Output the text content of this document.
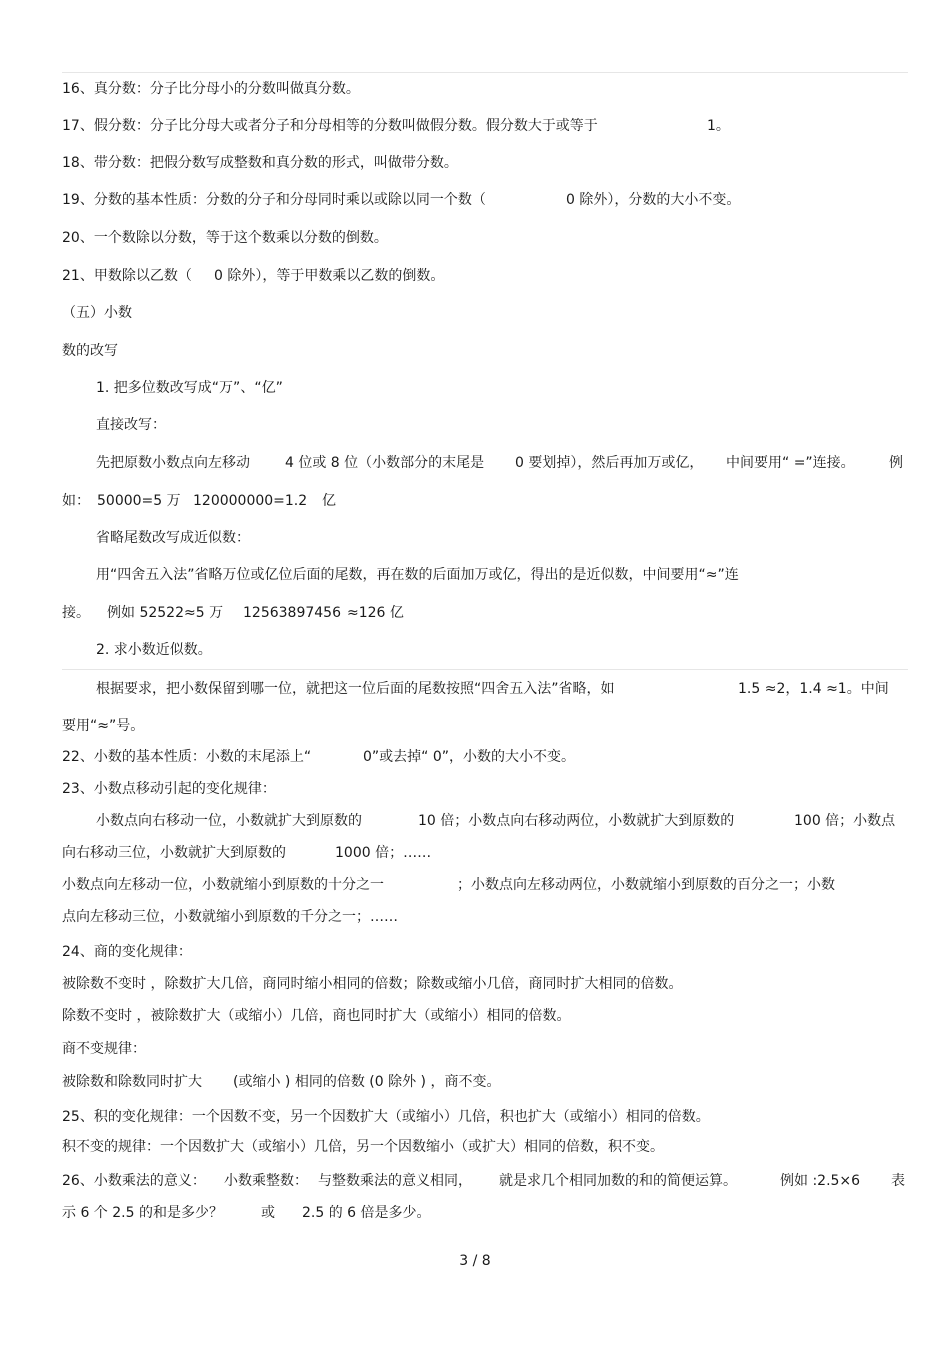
16、真分数：分子比分母小的分数叫做真分数。
17、假分数：分子比分母大或者分子和分母相等的分数叫做假分数。假分数大于或等于	1。
18、带分数：把假分数写成整数和真分数的形式，叫做带分数。
19、分数的基本性质：分数的分子和分母同时乘以或除以同一个数（	0 除外），分数的大小不变。
20、一个数除以分数，等于这个数乘以分数的倒数。
21、甲数除以乙数（ 0 除外），等于甲数乘以乙数的倒数。
（五）小数
数的改写
1. 把多位数改写成“万”、“亿”
直接改写：
先把原数小数点向左移动	4 位或 8 位（小数部分的末尾是 0 要划掉），然后再加万或亿， 中间要用“ =”连接。 例
如： 50000=5 万 120000000=1.2 亿
省略尾数改写成近似数：
用“四舍五入法”省略万位或亿位后面的尾数，再在数的后面加万或亿，得出的是近似数，中间要用“≈”连
接。 例如 52522≈5 万 12563897456 ≈126 亿
2. 求小数近似数。
根据要求，把小数保留到哪一位，就把这一位后面的尾数按照“四舍五入法”省略，如	1.5 ≈2，1.4 ≈1。中间
要用“≈”号。
22、小数的基本性质：小数的末尾添上“	0”或去掉“ 0”，小数的大小不变。
23、小数点移动引起的变化规律：
小数点向右移动一位，小数就扩大到原数的	10 倍；小数点向右移动两位，小数就扩大到原数的	100 倍；小数点
向右移动三位，小数就扩大到原数的	1000 倍；……
小数点向左移动一位，小数就缩小到原数的十分之一	；小数点向左移动两位，小数就缩小到原数的百分之一；小数
点向左移动三位，小数就缩小到原数的千分之一；……
24、商的变化规律：
被除数不变时 ，除数扩大几倍，商同时缩小相同的倍数；除数或缩小几倍，商同时扩大相同的倍数。
除数不变时 ，被除数扩大（或缩小）几倍，商也同时扩大（或缩小）相同的倍数。
商不变规律：
被除数和除数同时扩大 (或缩小 ) 相同的倍数 (0 除外 ) ，商不变。
25、积的变化规律：一个因数不变，另一个因数扩大（或缩小）几倍，积也扩大（或缩小）相同的倍数。
积不变的规律：一个因数扩大（或缩小）几倍，另一个因数缩小（或扩大）相同的倍数，积不变。
26、小数乘法的意义： 小数乘整数： 与整数乘法的意义相同， 就是求几个相同加数的和的简便运算。	例如 :2.5×6 表
示 6 个 2.5 的和是多少？	或 2.5 的 6 倍是多少。
3 / 8
